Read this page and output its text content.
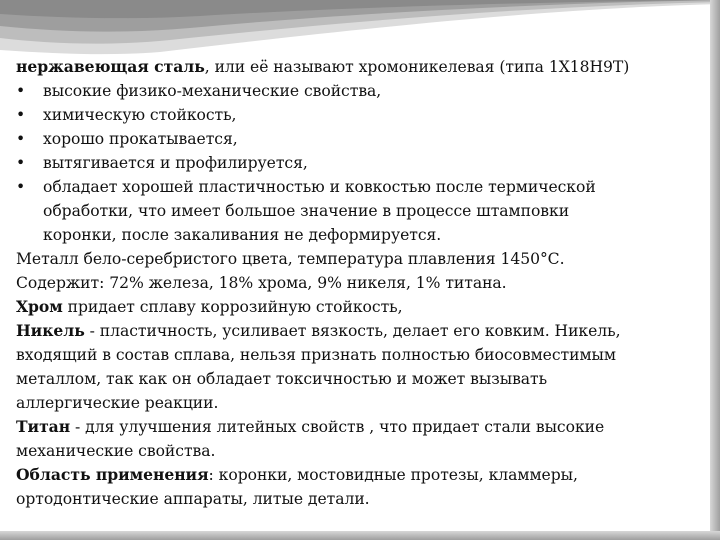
нержавеющая сталь, или её называют хромоникелевая (типа 1Х18Н9Т)
• высокие физико-механические свойства,
• химическую стойкость,
• хорошо прокатывается,
• вытягивается и профилируется,
• обладает хорошей пластичностью и ковкостью после термической
обработки, что имеет большое значение в процессе штамповки
коронки, после закаливания не деформируется.
Металл бело-серебристого цвета, температура плавления 1450°С.
Содержит: 72% железа, 18% хрома, 9% никеля, 1% титана.
Хром придает сплаву коррозийную стойкость,
Никель - пластичность, усиливает вязкость, делает его ковким. Никель,
входящий в состав сплава, нельзя признать полностью биосовместимым
металлом, так как он обладает токсичностью и может вызывать
аллергические реакции.
Титан - для улучшения литейных свойств , что придает стали высокие
механические свойства.
Область применения: коронки, мостовидные протезы, кламмеры,
ортодонтические аппараты, литые детали.
